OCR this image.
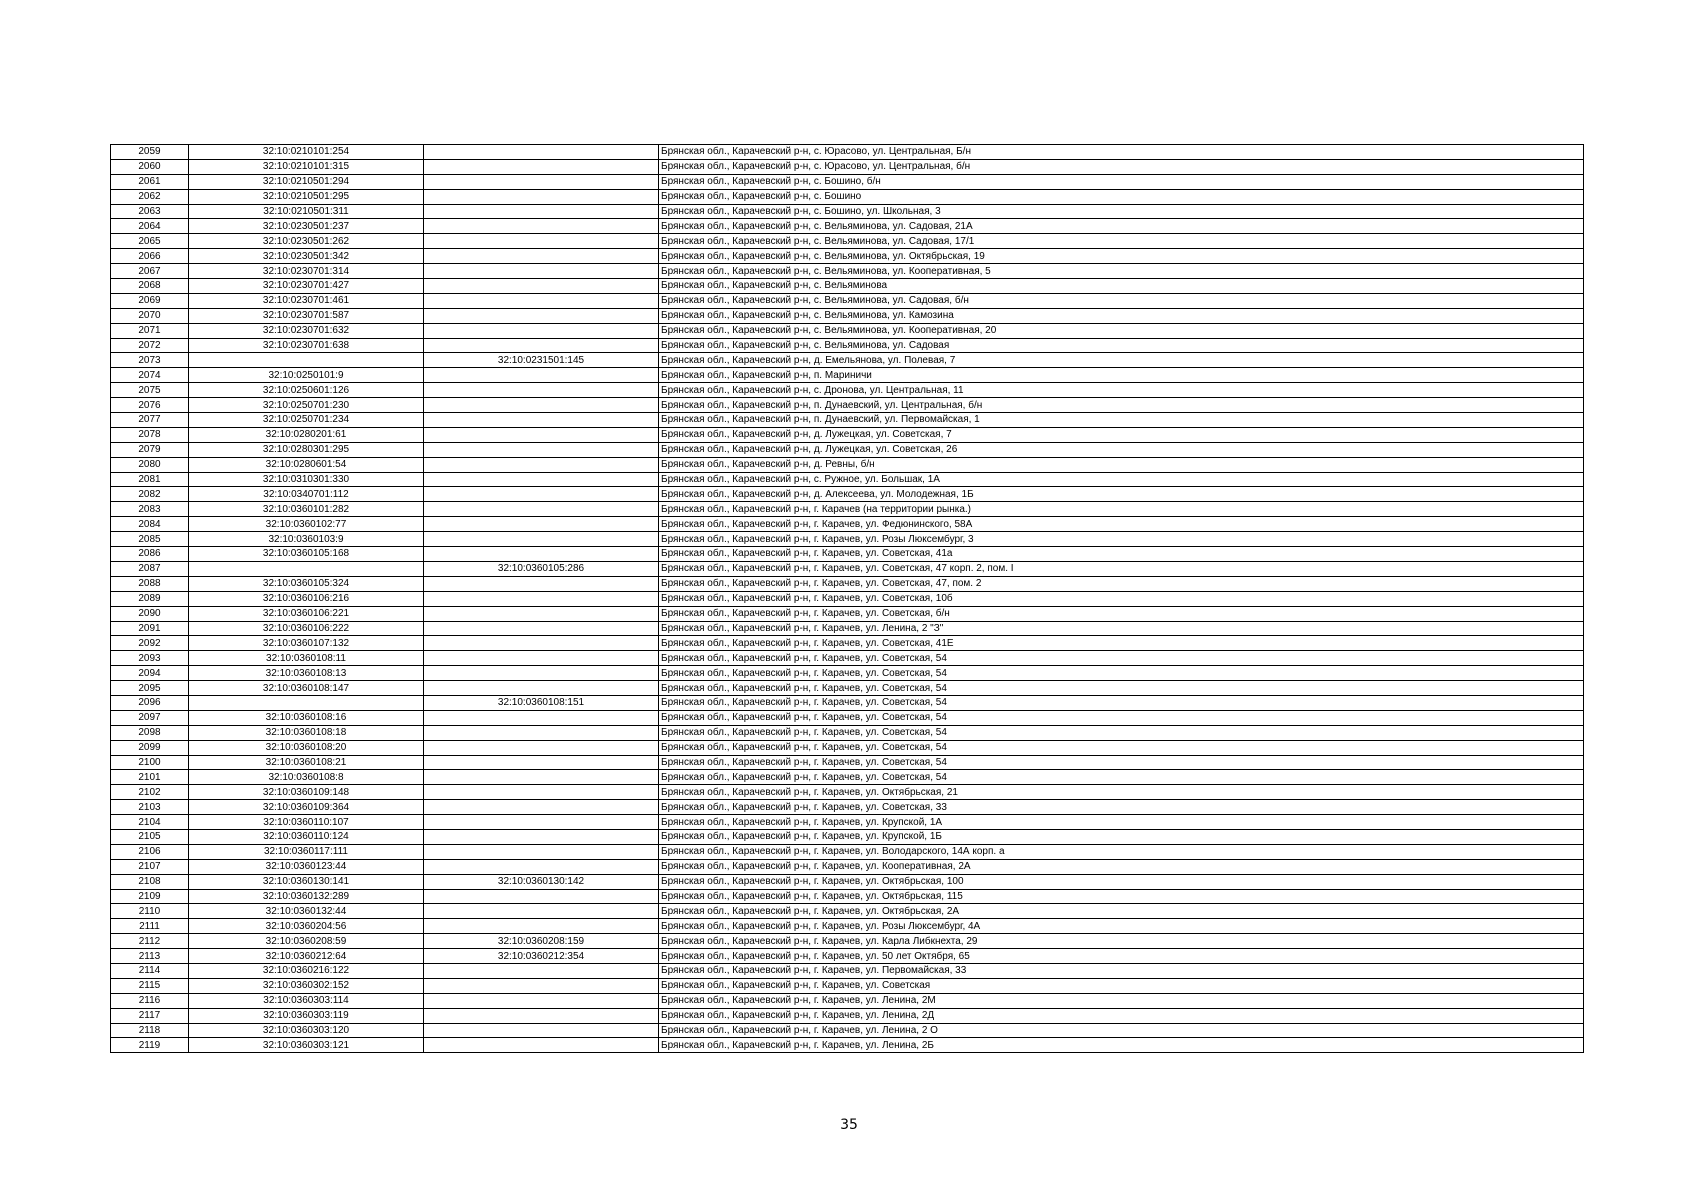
2059	32:10:0210101:254		Брянская обл., Карачевский р-н, с. Юрасово, ул. Центральная, Б/н
2060	32:10:0210101:315		Брянская обл., Карачевский р-н, с. Юрасово, ул. Центральная, б/н
2061	32:10:0210501:294		Брянская обл., Карачевский р-н, с. Бошино, б/н
2062	32:10:0210501:295		Брянская обл., Карачевский р-н, с. Бошино
2063	32:10:0210501:311		Брянская обл., Карачевский р-н, с. Бошино, ул. Школьная, 3
2064	32:10:0230501:237		Брянская обл., Карачевский р-н, с. Вельяминова, ул. Садовая, 21А
2065	32:10:0230501:262		Брянская обл., Карачевский р-н, с. Вельяминова, ул. Садовая, 17/1
2066	32:10:0230501:342		Брянская обл., Карачевский р-н, с. Вельяминова, ул. Октябрьская, 19
2067	32:10:0230701:314		Брянская обл., Карачевский р-н, с. Вельяминова, ул. Кооперативная, 5
2068	32:10:0230701:427		Брянская обл., Карачевский р-н, с. Вельяминова
2069	32:10:0230701:461		Брянская обл., Карачевский р-н, с. Вельяминова, ул. Садовая, б/н
2070	32:10:0230701:587		Брянская обл., Карачевский р-н, с. Вельяминова, ул. Камозина
2071	32:10:0230701:632		Брянская обл., Карачевский р-н, с. Вельяминова, ул. Кооперативная, 20
2072	32:10:0230701:638		Брянская обл., Карачевский р-н, с. Вельяминова, ул. Садовая
2073		32:10:0231501:145	Брянская обл., Карачевский р-н, д. Емельянова, ул. Полевая, 7
2074	32:10:0250101:9		Брянская обл., Карачевский р-н, п. Мариничи
2075	32:10:0250601:126		Брянская обл., Карачевский р-н, с. Дронова, ул. Центральная, 11
2076	32:10:0250701:230		Брянская обл., Карачевский р-н, п. Дунаевский, ул. Центральная, б/н
2077	32:10:0250701:234		Брянская обл., Карачевский р-н, п. Дунаевский, ул. Первомайская, 1
2078	32:10:0280201:61		Брянская обл., Карачевский р-н, д. Лужецкая, ул. Советская, 7
2079	32:10:0280301:295		Брянская обл., Карачевский р-н, д. Лужецкая, ул. Советская, 26
2080	32:10:0280601:54		Брянская обл., Карачевский р-н, д. Ревны, б/н
2081	32:10:0310301:330		Брянская обл., Карачевский р-н, с. Ружное, ул. Большак, 1А
2082	32:10:0340701:112		Брянская обл., Карачевский р-н, д. Алексеева, ул. Молодежная, 1Б
2083	32:10:0360101:282		Брянская обл., Карачевский р-н, г. Карачев (на территории рынка.)
2084	32:10:0360102:77		Брянская обл., Карачевский р-н, г. Карачев, ул. Федюнинского, 58А
2085	32:10:0360103:9		Брянская обл., Карачевский р-н, г. Карачев, ул. Розы Люксембург, 3
2086	32:10:0360105:168		Брянская обл., Карачевский р-н, г. Карачев, ул. Советская, 41а
2087		32:10:0360105:286	Брянская обл., Карачевский р-н, г. Карачев, ул. Советская, 47 корп. 2, пом. I
2088	32:10:0360105:324		Брянская обл., Карачевский р-н, г. Карачев, ул. Советская, 47, пом. 2
2089	32:10:0360106:216		Брянская обл., Карачевский р-н, г. Карачев, ул. Советская, 10б
2090	32:10:0360106:221		Брянская обл., Карачевский р-н, г. Карачев, ул. Советская, б/н
2091	32:10:0360106:222		Брянская обл., Карачевский р-н, г. Карачев, ул. Ленина, 2 "З"
2092	32:10:0360107:132		Брянская обл., Карачевский р-н, г. Карачев, ул. Советская, 41Е
2093	32:10:0360108:11		Брянская обл., Карачевский р-н, г. Карачев, ул. Советская, 54
2094	32:10:0360108:13		Брянская обл., Карачевский р-н, г. Карачев, ул. Советская, 54
2095	32:10:0360108:147		Брянская обл., Карачевский р-н, г. Карачев, ул. Советская, 54
2096		32:10:0360108:151	Брянская обл., Карачевский р-н, г. Карачев, ул. Советская, 54
2097	32:10:0360108:16		Брянская обл., Карачевский р-н, г. Карачев, ул. Советская, 54
2098	32:10:0360108:18		Брянская обл., Карачевский р-н, г. Карачев, ул. Советская, 54
2099	32:10:0360108:20		Брянская обл., Карачевский р-н, г. Карачев, ул. Советская, 54
2100	32:10:0360108:21		Брянская обл., Карачевский р-н, г. Карачев, ул. Советская, 54
2101	32:10:0360108:8		Брянская обл., Карачевский р-н, г. Карачев, ул. Советская, 54
2102	32:10:0360109:148		Брянская обл., Карачевский р-н, г. Карачев, ул. Октябрьская, 21
2103	32:10:0360109:364		Брянская обл., Карачевский р-н, г. Карачев, ул. Советская, 33
2104	32:10:0360110:107		Брянская обл., Карачевский р-н, г. Карачев, ул. Крупской, 1А
2105	32:10:0360110:124		Брянская обл., Карачевский р-н, г. Карачев, ул. Крупской, 1Б
2106	32:10:0360117:111		Брянская обл., Карачевский р-н, г. Карачев, ул. Володарского, 14А корп. а
2107	32:10:0360123:44		Брянская обл., Карачевский р-н, г. Карачев, ул. Кооперативная, 2А
2108	32:10:0360130:141	32:10:0360130:142	Брянская обл., Карачевский р-н, г. Карачев, ул. Октябрьская, 100
2109	32:10:0360132:289		Брянская обл., Карачевский р-н, г. Карачев, ул. Октябрьская, 115
2110	32:10:0360132:44		Брянская обл., Карачевский р-н, г. Карачев, ул. Октябрьская, 2А
2111	32:10:0360204:56		Брянская обл., Карачевский р-н, г. Карачев, ул. Розы Люксембург, 4А
2112	32:10:0360208:59	32:10:0360208:159	Брянская обл., Карачевский р-н, г. Карачев, ул. Карла Либкнехта, 29
2113	32:10:0360212:64	32:10:0360212:354	Брянская обл., Карачевский р-н, г. Карачев, ул. 50 лет Октября, 65
2114	32:10:0360216:122		Брянская обл., Карачевский р-н, г. Карачев, ул. Первомайская, 33
2115	32:10:0360302:152		Брянская обл., Карачевский р-н, г. Карачев, ул. Советская
2116	32:10:0360303:114		Брянская обл., Карачевский р-н, г. Карачев, ул. Ленина, 2М
2117	32:10:0360303:119		Брянская обл., Карачевский р-н, г. Карачев, ул. Ленина, 2Д
2118	32:10:0360303:120		Брянская обл., Карачевский р-н, г. Карачев, ул. Ленина, 2 О
2119	32:10:0360303:121		Брянская обл., Карачевский р-н, г. Карачев, ул. Ленина, 2Б
35
